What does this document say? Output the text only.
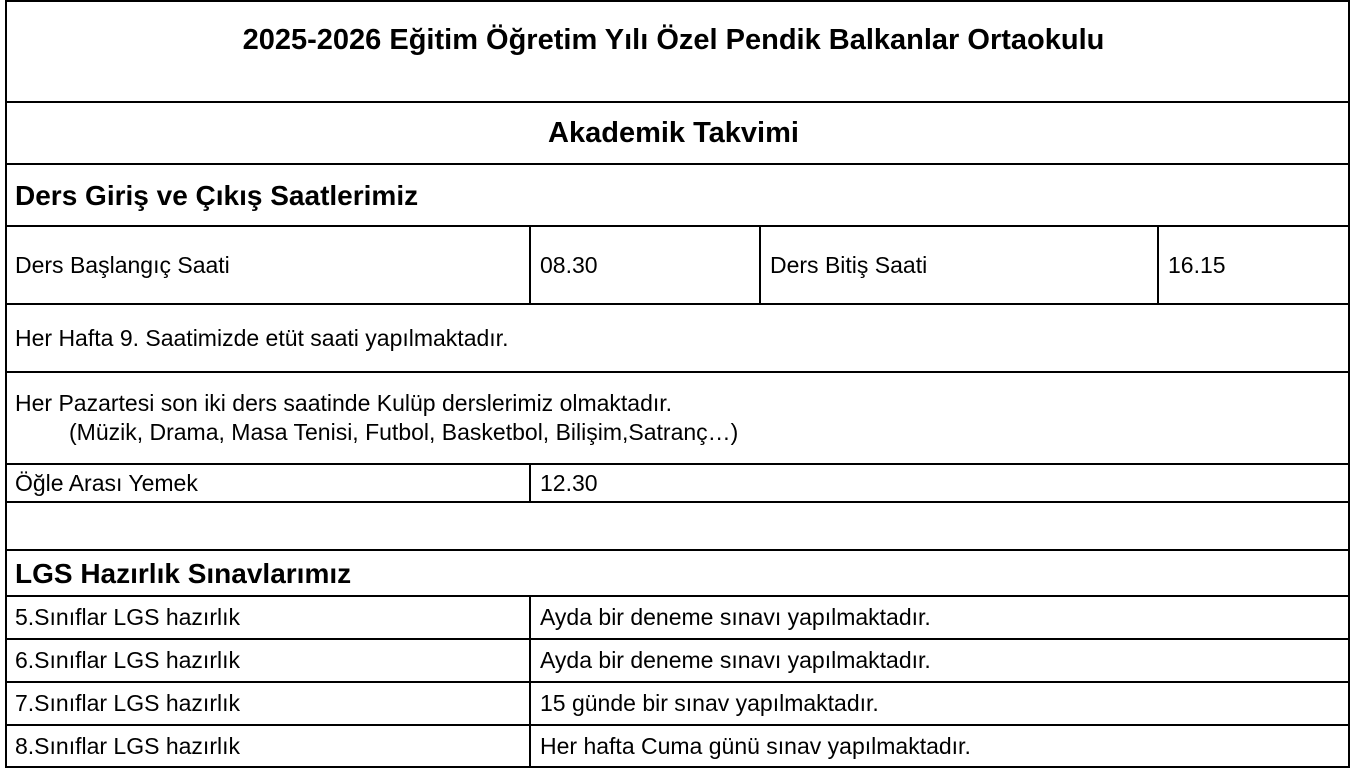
2025-2026 Eğitim Öğretim Yılı Özel Pendik Balkanlar Ortaokulu
Akademik Takvimi
Ders Giriş ve Çıkış Saatlerimiz
Ders Başlangıç Saati	08.30	Ders Bitiş Saati	16.15
Her Hafta 9. Saatimizde etüt saati yapılmaktadır.
Her Pazartesi son iki ders saatinde Kulüp derslerimiz olmaktadır.
(Müzik, Drama, Masa Tenisi, Futbol, Basketbol, Bilişim,Satranç…)
Öğle Arası Yemek	12.30
LGS Hazırlık Sınavlarımız
5.Sınıflar LGS hazırlık	Ayda bir deneme sınavı yapılmaktadır.
6.Sınıflar LGS hazırlık	Ayda bir deneme sınavı yapılmaktadır.
7.Sınıflar LGS hazırlık	15 günde bir sınav yapılmaktadır.
8.Sınıflar LGS hazırlık	Her hafta Cuma günü sınav yapılmaktadır.
